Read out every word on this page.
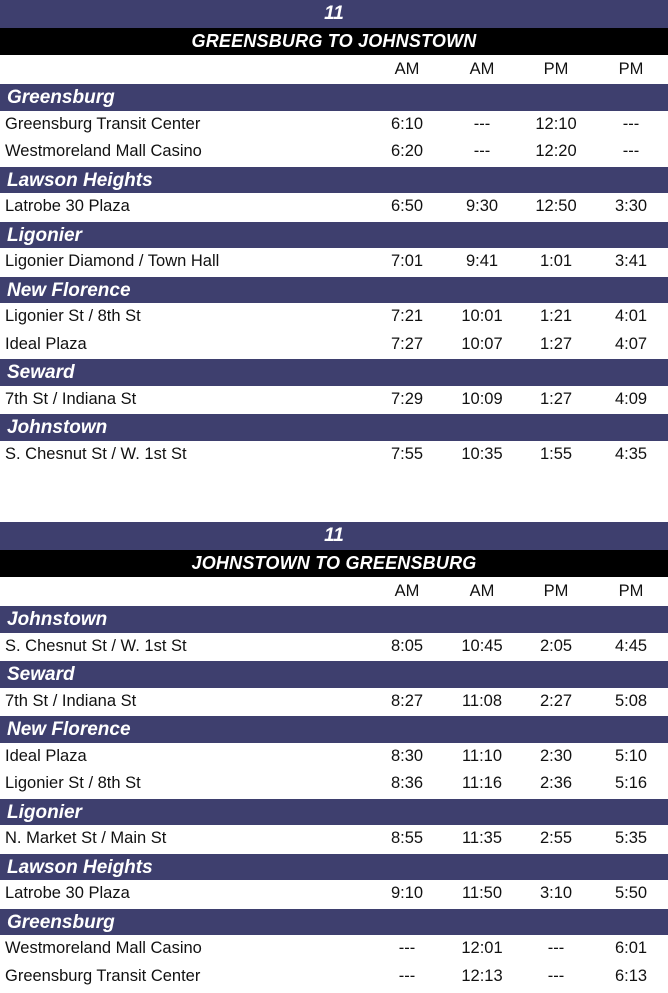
11
GREENSBURG TO JOHNSTOWN
AM	AM	PM	PM
Greensburg
Greensburg Transit Center	6:10	---	12:10	---
Westmoreland Mall Casino	6:20	---	12:20	---
Lawson Heights
Latrobe 30 Plaza	6:50	9:30	12:50	3:30
Ligonier
Ligonier Diamond / Town Hall	7:01	9:41	1:01	3:41
New Florence
Ligonier St / 8th St	7:21	10:01	1:21	4:01
Ideal Plaza	7:27	10:07	1:27	4:07
Seward
7th St / Indiana St	7:29	10:09	1:27	4:09
Johnstown
S. Chesnut St / W. 1st St	7:55	10:35	1:55	4:35
11
JOHNSTOWN TO GREENSBURG
AM	AM	PM	PM
Johnstown
S. Chesnut St / W. 1st St	8:05	10:45	2:05	4:45
Seward
7th St / Indiana St	8:27	11:08	2:27	5:08
New Florence
Ideal Plaza	8:30	11:10	2:30	5:10
Ligonier St / 8th St	8:36	11:16	2:36	5:16
Ligonier
N. Market St / Main St	8:55	11:35	2:55	5:35
Lawson Heights
Latrobe 30 Plaza	9:10	11:50	3:10	5:50
Greensburg
Westmoreland Mall Casino	---	12:01	---	6:01
Greensburg Transit Center	---	12:13	---	6:13
